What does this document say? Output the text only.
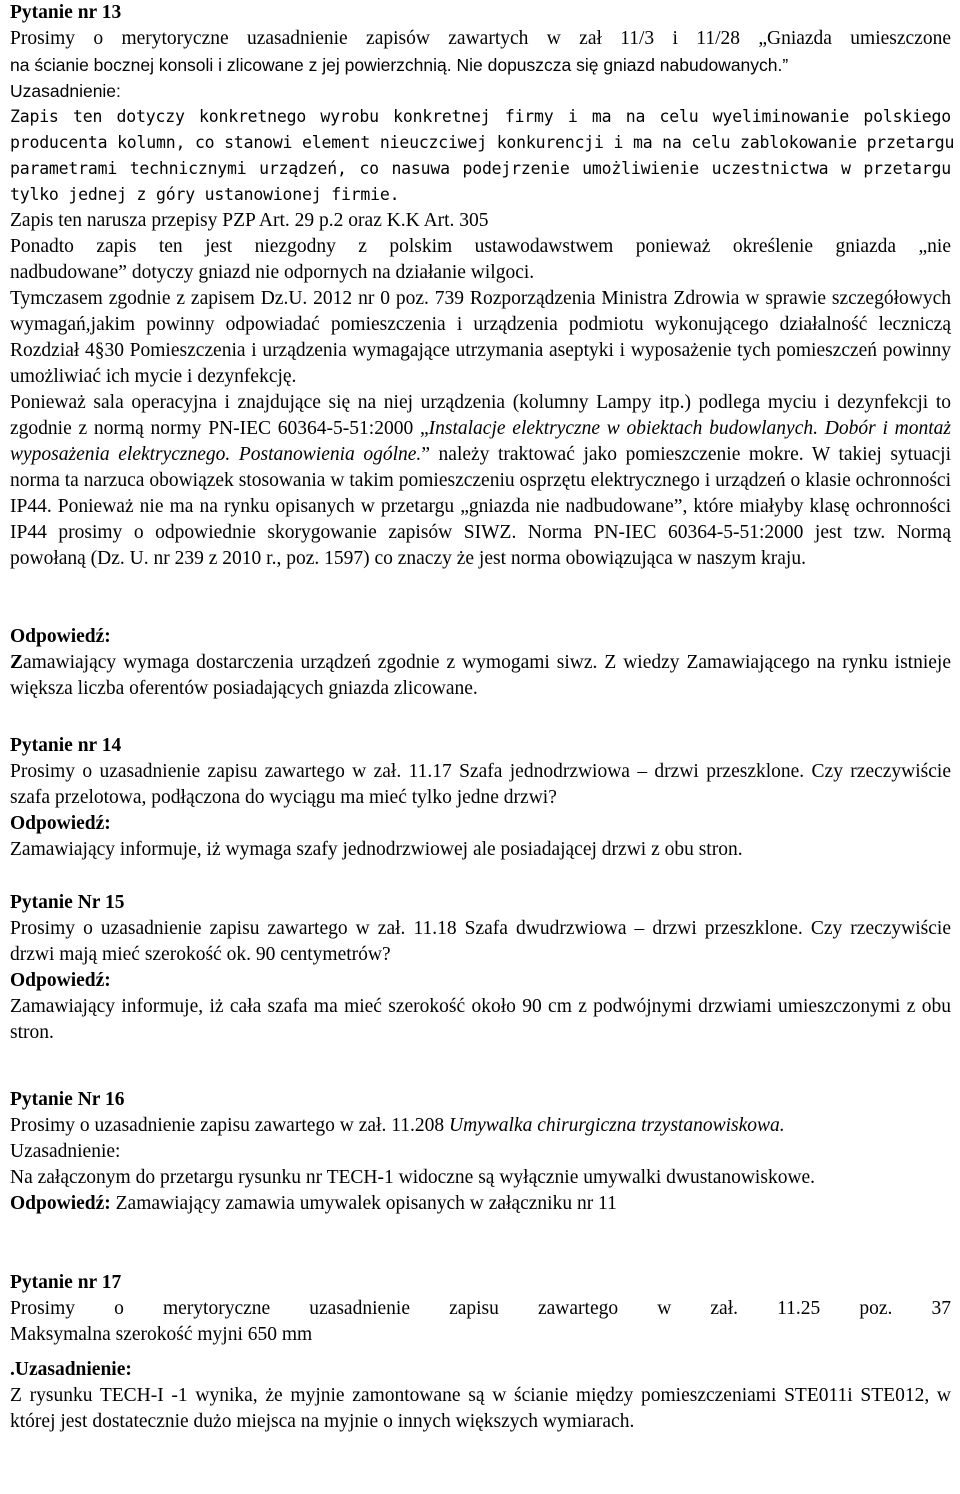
Pytanie nr 13
Prosimy o merytoryczne uzasadnienie zapisów zawartych w zał 11/3 i 11/28 „Gniazda umieszczone
na ścianie bocznej konsoli i zlicowane z jej powierzchnią. Nie dopuszcza się gniazd nabudowanych.”
Uzasadnienie:
Zapis ten dotyczy konkretnego wyrobu konkretnej firmy i ma na celu wyeliminowanie polskiego
producenta kolumn, co stanowi element nieuczciwej konkurencji i ma na celu zablokowanie przetargu
parametrami technicznymi urządzeń, co nasuwa podejrzenie umożliwienie uczestnictwa w przetargu
tylko jednej z góry ustanowionej firmie.
Zapis ten narusza przepisy PZP Art. 29 p.2 oraz K.K Art. 305
Ponadto zapis ten jest niezgodny z polskim ustawodawstwem ponieważ określenie gniazda „nie
nadbudowane” dotyczy gniazd nie odpornych na działanie wilgoci.
Tymczasem zgodnie z zapisem Dz.U. 2012 nr 0 poz. 739 Rozporządzenia Ministra Zdrowia w sprawie szczegółowych wymagań,jakim powinny odpowiadać pomieszczenia i urządzenia podmiotu wykonującego działalność leczniczą Rozdział 4§30 Pomieszczenia i urządzenia wymagające utrzymania aseptyki i wyposażenie tych pomieszczeń powinny umożliwiać ich mycie i dezynfekcję.
Ponieważ sala operacyjna i znajdujące się na niej urządzenia (kolumny Lampy itp.) podlega myciu i dezynfekcji to zgodnie z normą normy PN-IEC 60364-5-51:2000 „Instalacje elektryczne w obiektach budowlanych. Dobór i montaż wyposażenia elektrycznego. Postanowienia ogólne.” należy traktować jako pomieszczenie mokre. W takiej sytuacji norma ta narzuca obowiązek stosowania w takim pomieszczeniu osprzętu elektrycznego i urządzeń o klasie ochronności IP44. Ponieważ nie ma na rynku opisanych w przetargu „gniazda nie nadbudowane”, które miałyby klasę ochronności IP44 prosimy o odpowiednie skorygowanie zapisów SIWZ. Norma PN-IEC 60364-5-51:2000 jest tzw. Normą powołaną (Dz. U. nr 239 z 2010 r., poz. 1597) co znaczy że jest norma obowiązująca w naszym kraju.
Odpowiedź:
Zamawiający wymaga dostarczenia urządzeń zgodnie z wymogami siwz. Z wiedzy Zamawiającego na rynku istnieje większa liczba oferentów posiadających gniazda zlicowane.
Pytanie nr 14
Prosimy o uzasadnienie zapisu zawartego w zał. 11.17 Szafa jednodrzwiowa – drzwi przeszklone. Czy rzeczywiście szafa przelotowa, podłączona do wyciągu ma mieć tylko jedne drzwi?
Odpowiedź:
Zamawiający informuje, iż wymaga szafy jednodrzwiowej ale posiadającej drzwi z obu stron.
Pytanie Nr 15
Prosimy o uzasadnienie zapisu zawartego w zał. 11.18 Szafa dwudrzwiowa – drzwi przeszklone. Czy rzeczywiście drzwi mają mieć szerokość ok. 90 centymetrów?
Odpowiedź:
Zamawiający informuje, iż cała szafa ma mieć szerokość około 90 cm z podwójnymi drzwiami umieszczonymi z obu stron.
Pytanie Nr 16
Prosimy o uzasadnienie zapisu zawartego w zał. 11.208 Umywalka chirurgiczna trzystanowiskowa.
Uzasadnienie:
Na załączonym do przetargu rysunku nr TECH-1 widoczne są wyłącznie umywalki dwustanowiskowe.
Odpowiedź: Zamawiający zamawia umywalek opisanych w załączniku nr 11
Pytanie nr 17
Prosimy o merytoryczne uzasadnienie zapisu zawartego w zał. 11.25 poz. 37
Maksymalna szerokość myjni 650 mm
.Uzasadnienie:
Z rysunku TECH-I -1 wynika, że myjnie zamontowane są w ścianie między pomieszczeniami STE011i STE012, w której jest dostatecznie dużo miejsca na myjnie o innych większych wymiarach.
